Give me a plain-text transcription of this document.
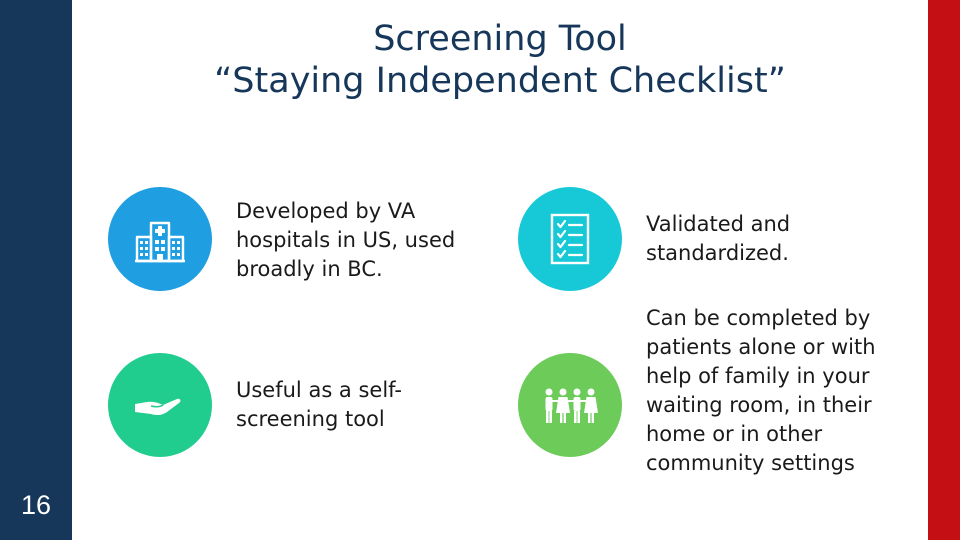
16
Screening Tool
“Staying Independent Checklist”

Developed by VA hospitals in US, used broadly in BC.

Validated and standardized.

Useful as a self-screening tool

Can be completed by patients alone or with help of family in your waiting room, in their home or in other community settings
